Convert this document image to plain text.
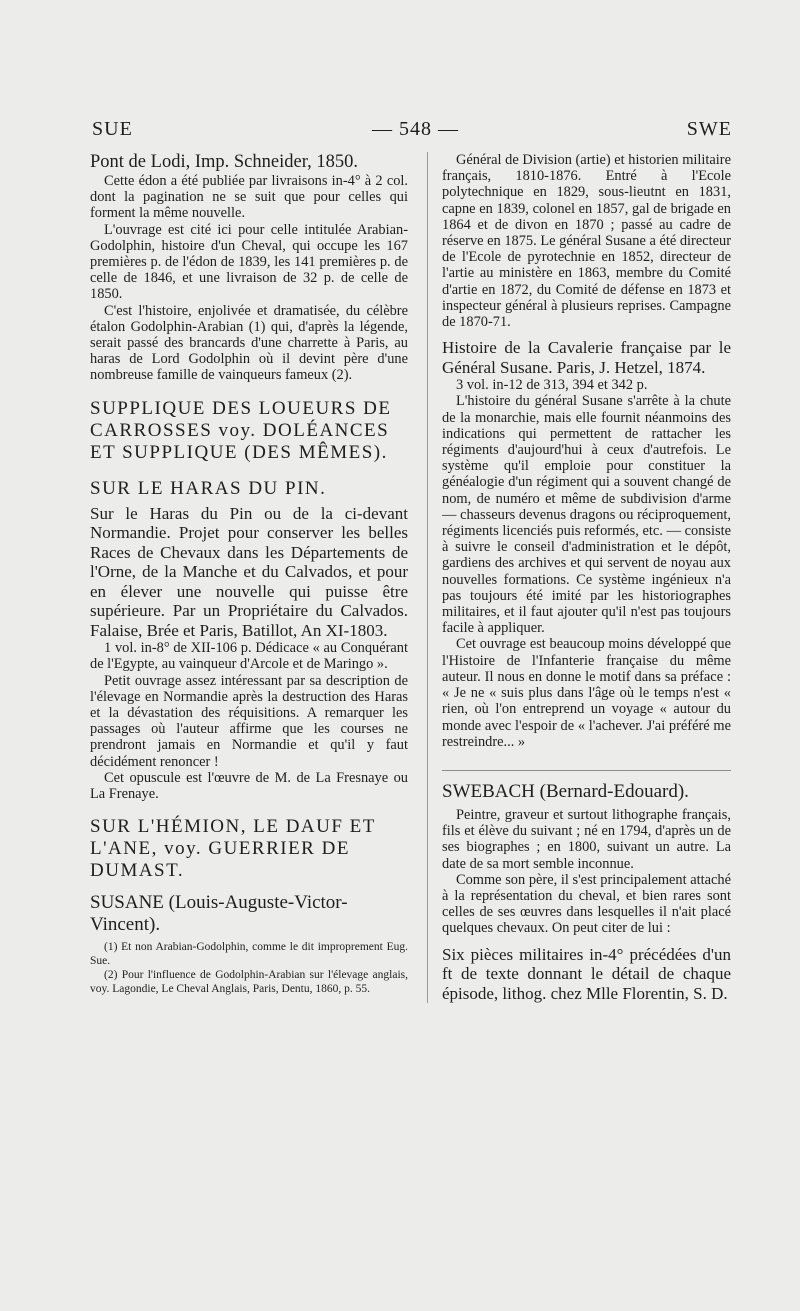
SUE	— 548 —	SWE

Pont de Lodi, Imp. Schneider, 1850.

Cette édon a été publiée par livraisons in-4° à 2 col. dont la pagination ne se suit que pour celles qui forment la même nouvelle.

L'ouvrage est cité ici pour celle intitulée Arabian-Godolphin, histoire d'un Cheval, qui occupe les 167 premières p. de l'édon de 1839, les 141 premières p. de celle de 1846, et une livraison de 32 p. de celle de 1850.

C'est l'histoire, enjolivée et dramatisée, du célèbre étalon Godolphin-Arabian (1) qui, d'après la légende, serait passé des brancards d'une charrette à Paris, au haras de Lord Godolphin où il devint père d'une nombreuse famille de vainqueurs fameux (2).

SUPPLIQUE DES LOUEURS DE CARROSSES voy. DOLÉANCES ET SUPPLIQUE (DES MÊMES).

SUR LE HARAS DU PIN.

Sur le Haras du Pin ou de la ci-devant Normandie. Projet pour conserver les belles Races de Chevaux dans les Départements de l'Orne, de la Manche et du Calvados, et pour en élever une nouvelle qui puisse être supérieure. Par un Propriétaire du Calvados. Falaise, Brée et Paris, Batillot, An XI-1803.

1 vol. in-8° de XII-106 p. Dédicace « au Conquérant de l'Egypte, au vainqueur d'Arcole et de Maringo ».

Petit ouvrage assez intéressant par sa description de l'élevage en Normandie après la destruction des Haras et la dévastation des réquisitions. A remarquer les passages où l'auteur affirme que les courses ne prendront jamais en Normandie et qu'il y faut décidément renoncer !

Cet opuscule est l'œuvre de M. de La Fresnaye ou La Frenaye.

SUR L'HÉMION, LE DAUF ET L'ANE, voy. GUERRIER DE DUMAST.

SUSANE (Louis-Auguste-Victor-Vincent).

(1) Et non Arabian-Godolphin, comme le dit improprement Eug. Sue.

(2) Pour l'influence de Godolphin-Arabian sur l'élevage anglais, voy. Lagondie, Le Cheval Anglais, Paris, Dentu, 1860, p. 55.

Général de Division (artie) et historien militaire français, 1810-1876. Entré à l'Ecole polytechnique en 1829, sous-lieutnt en 1831, capne en 1839, colonel en 1857, gal de brigade en 1864 et de divon en 1870 ; passé au cadre de réserve en 1875. Le général Susane a été directeur de l'Ecole de pyrotechnie en 1852, directeur de l'artie au ministère en 1863, membre du Comité d'artie en 1872, du Comité de défense en 1873 et inspecteur général à plusieurs reprises. Campagne de 1870-71.

Histoire de la Cavalerie française par le Général Susane. Paris, J. Hetzel, 1874.

3 vol. in-12 de 313, 394 et 342 p.

L'histoire du général Susane s'arrête à la chute de la monarchie, mais elle fournit néanmoins des indications qui permettent de rattacher les régiments d'aujourd'hui à ceux d'autrefois. Le système qu'il emploie pour constituer la généalogie d'un régiment qui a souvent changé de nom, de numéro et même de subdivision d'arme — chasseurs devenus dragons ou réciproquement, régiments licenciés puis reformés, etc. — consiste à suivre le conseil d'administration et le dépôt, gardiens des archives et qui servent de noyau aux nouvelles formations. Ce système ingénieux n'a pas toujours été imité par les historiographes militaires, et il faut ajouter qu'il n'est pas toujours facile à appliquer.

Cet ouvrage est beaucoup moins développé que l'Histoire de l'Infanterie française du même auteur. Il nous en donne le motif dans sa préface : « Je ne « suis plus dans l'âge où le temps n'est « rien, où l'on entreprend un voyage « autour du monde avec l'espoir de « l'achever. J'ai préféré me restreindre... »

SWEBACH (Bernard-Edouard).

Peintre, graveur et surtout lithographe français, fils et élève du suivant ; né en 1794, d'après un de ses biographes ; en 1800, suivant un autre. La date de sa mort semble inconnue.

Comme son père, il s'est principalement attaché à la représentation du cheval, et bien rares sont celles de ses œuvres dans lesquelles il n'ait placé quelques chevaux. On peut citer de lui :

Six pièces militaires in-4° précédées d'un ft de texte donnant le détail de chaque épisode, lithog. chez Mlle Florentin, S. D.
